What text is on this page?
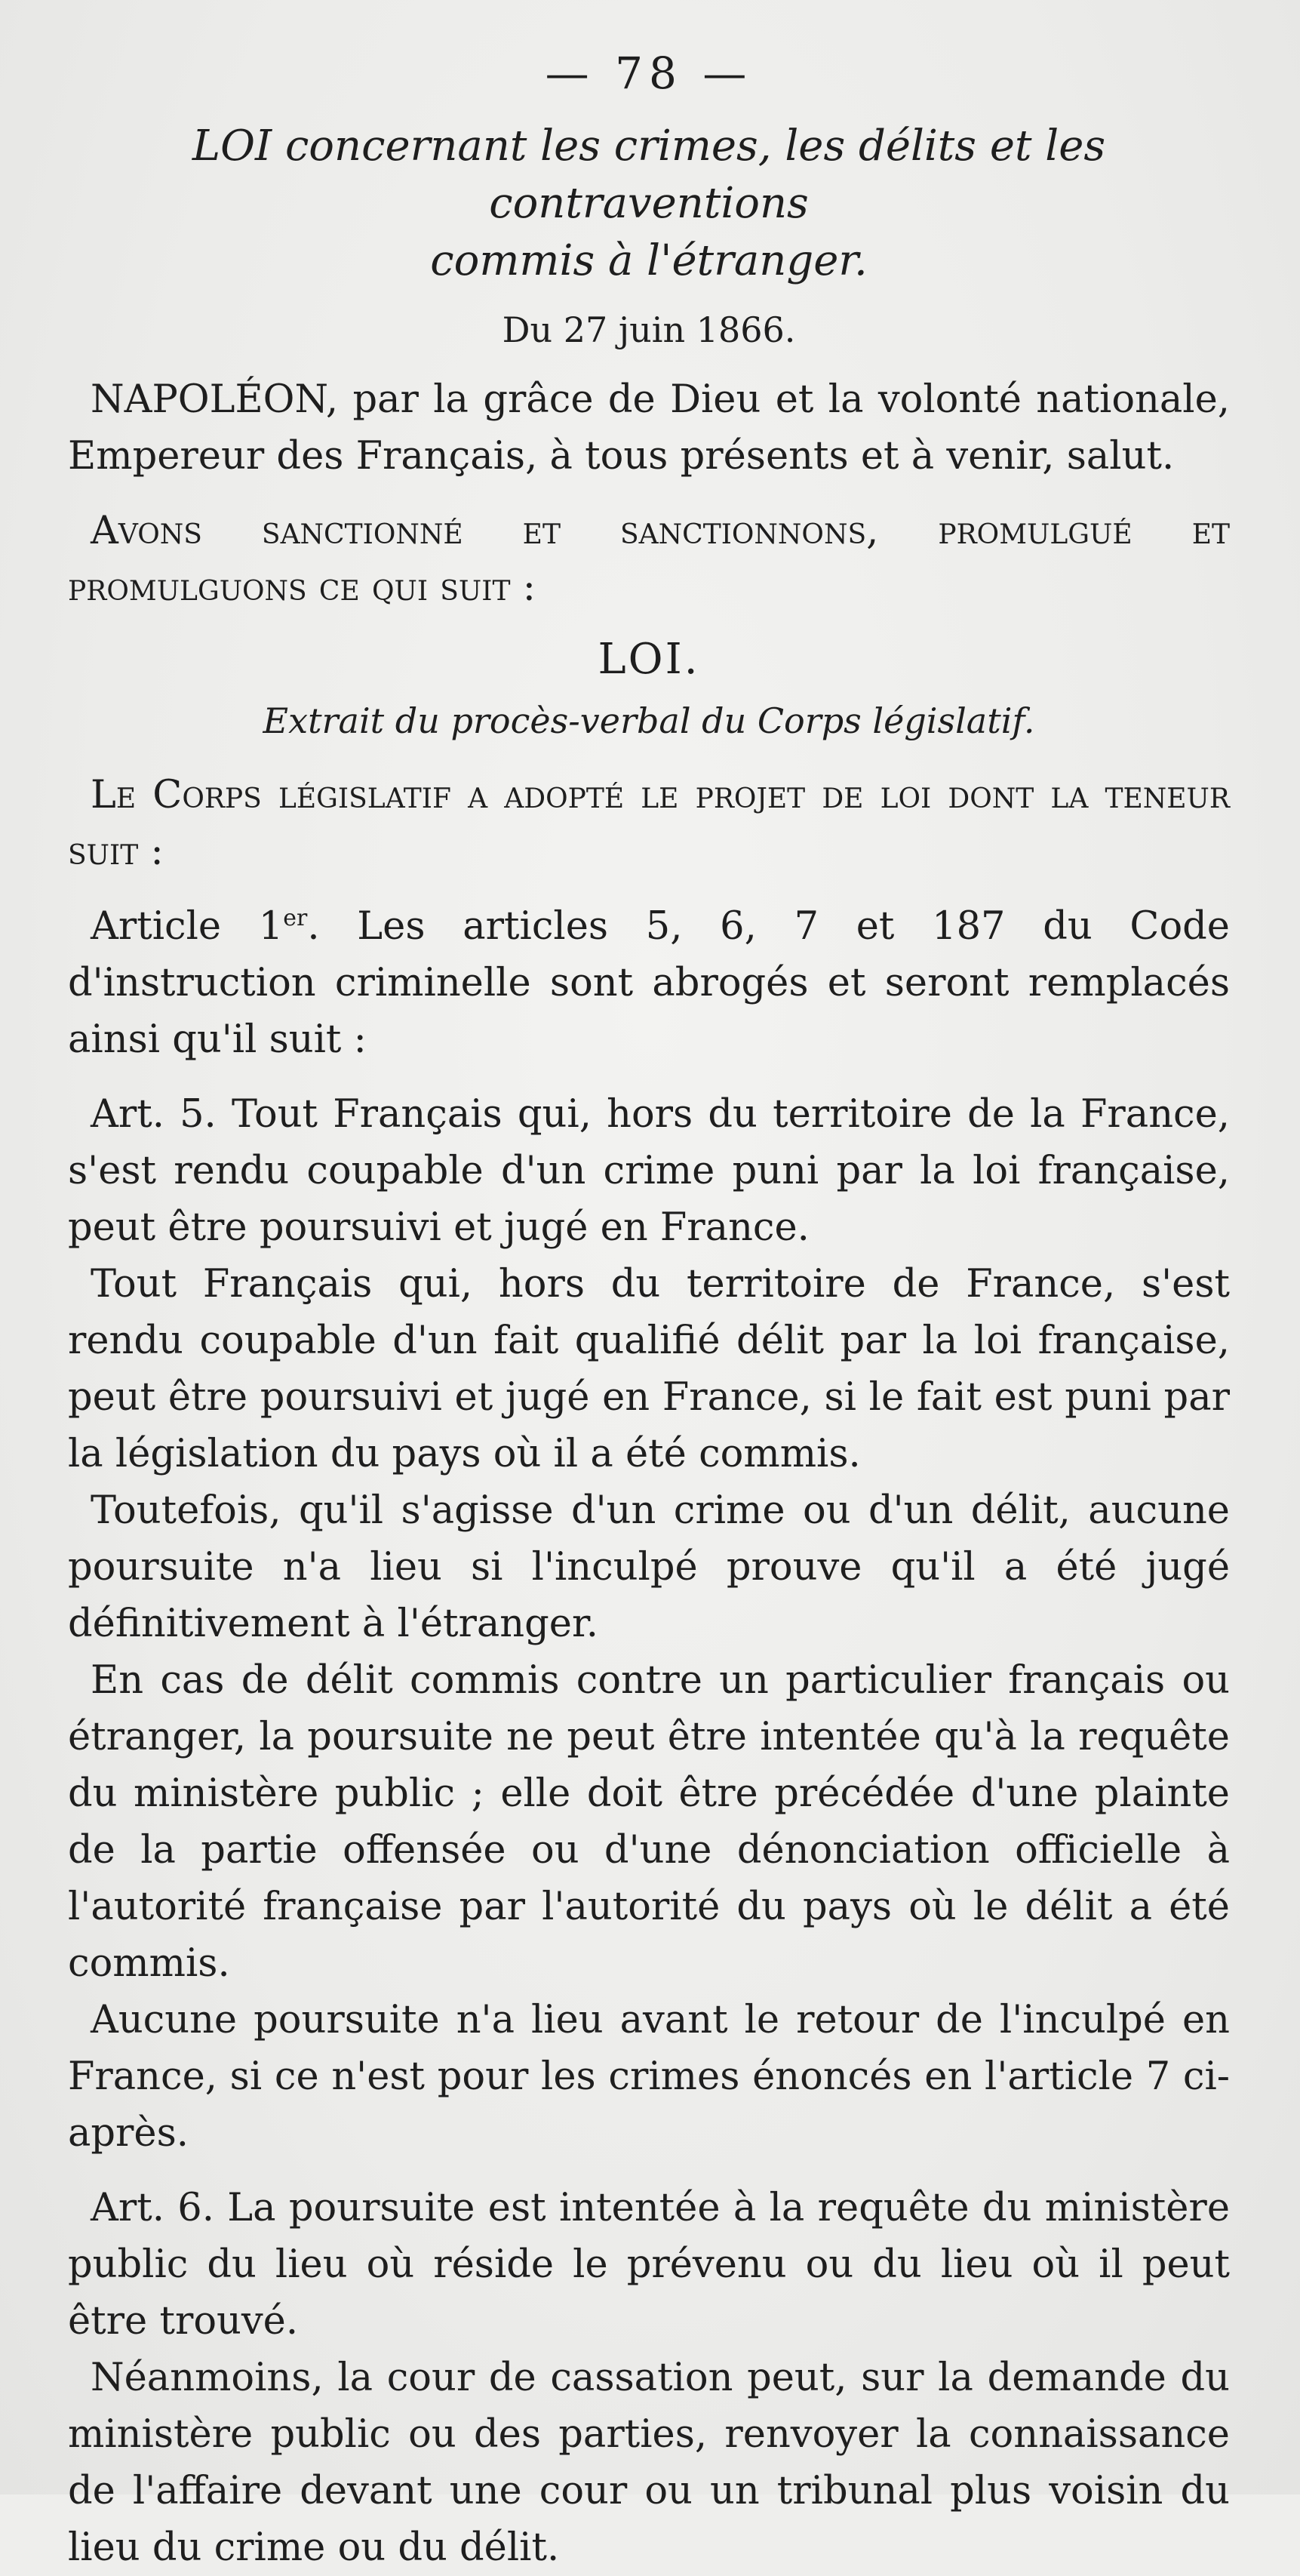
— 78 —
LOI concernant les crimes, les délits et les contraventions
commis à l'étranger.
Du 27 juin 1866.

NAPOLÉON, par la grâce de Dieu et la volonté nationale, Empereur des Français, à tous présents et à venir, salut.

Avons sanctionné et sanctionnons, promulgué et promulguons ce qui suit :

LOI.
Extrait du procès-verbal du Corps législatif.

Le Corps législatif a adopté le projet de loi dont la teneur suit :

Article 1er. Les articles 5, 6, 7 et 187 du Code d'instruction criminelle sont abrogés et seront remplacés ainsi qu'il suit :

Art. 5. Tout Français qui, hors du territoire de la France, s'est rendu coupable d'un crime puni par la loi française, peut être poursuivi et jugé en France.

Tout Français qui, hors du territoire de France, s'est rendu coupable d'un fait qualifié délit par la loi française, peut être poursuivi et jugé en France, si le fait est puni par la législation du pays où il a été commis.

Toutefois, qu'il s'agisse d'un crime ou d'un délit, aucune poursuite n'a lieu si l'inculpé prouve qu'il a été jugé définitivement à l'étranger.

En cas de délit commis contre un particulier français ou étranger, la poursuite ne peut être intentée qu'à la requête du ministère public ; elle doit être précédée d'une plainte de la partie offensée ou d'une dénonciation officielle à l'autorité française par l'autorité du pays où le délit a été commis.

Aucune poursuite n'a lieu avant le retour de l'inculpé en France, si ce n'est pour les crimes énoncés en l'article 7 ci-après.

Art. 6. La poursuite est intentée à la requête du ministère public du lieu où réside le prévenu ou du lieu où il peut être trouvé.

Néanmoins, la cour de cassation peut, sur la demande du ministère public ou des parties, renvoyer la connaissance de l'affaire devant une cour ou un tribunal plus voisin du lieu du crime ou du délit.
